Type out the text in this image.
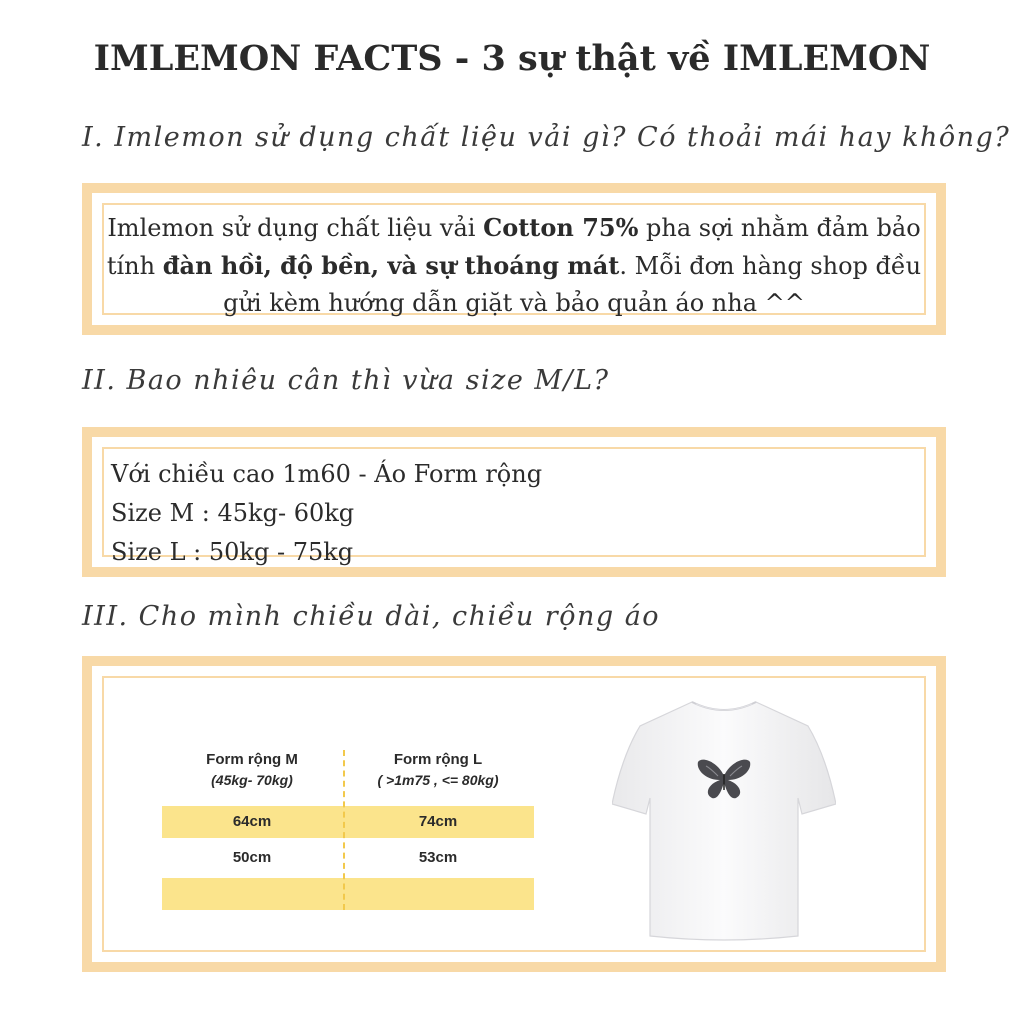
IMLEMON FACTS - 3 sự thật về IMLEMON
I. Imlemon sử dụng chất liệu vải gì? Có thoải mái hay không?
Imlemon sử dụng chất liệu vải Cotton 75% pha sợi nhằm đảm bảo tính đàn hồi, độ bền, và sự thoáng mát. Mỗi đơn hàng shop đều gửi kèm hướng dẫn giặt và bảo quản áo nha ^^
II. Bao nhiêu cân thì vừa size M/L?
Với chiều cao 1m60 - Áo Form rộng
Size M : 45kg- 60kg
Size L : 50kg - 75kg
III. Cho mình chiều dài, chiều rộng áo
Form rộng M
(45kg- 70kg)
Form rộng L
( >1m75 , <= 80kg)
64cm	74cm
50cm	53cm
